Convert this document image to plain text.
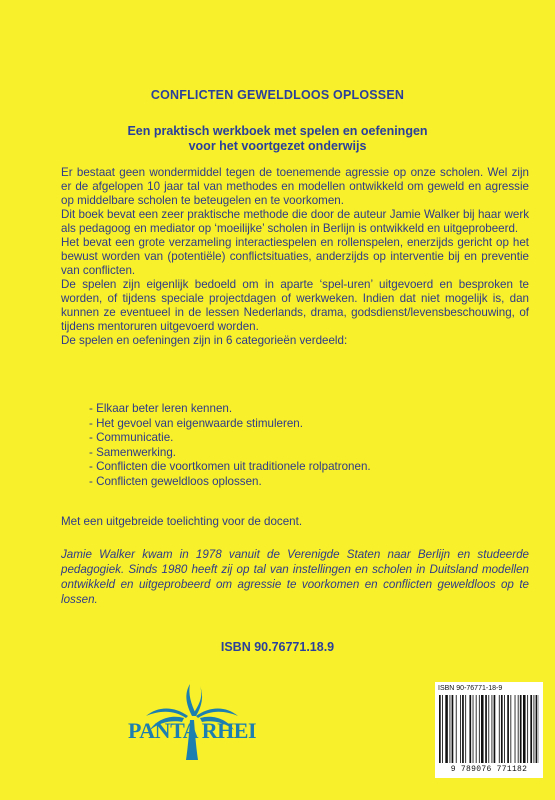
CONFLICTEN GEWELDLOOS OPLOSSEN
Een praktisch werkboek met spelen en oefeningen
voor het voortgezet onderwijs

Er bestaat geen wondermiddel tegen de toenemende agressie op onze scholen. Wel zijn er de afgelopen 10 jaar tal van methodes en modellen ontwikkeld om geweld en agressie op middelbare scholen te beteugelen en te voorkomen.

Dit boek bevat een zeer praktische methode die door de auteur Jamie Walker bij haar werk als pedagoog en mediator op ‘moeilijke’ scholen in Berlijn is ontwikkeld en uitgeprobeerd.

Het bevat een grote verzameling interactiespelen en rollenspelen, enerzijds gericht op het bewust worden van (potentiële) conflictsituaties, anderzijds op interventie bij en preventie van conflicten.

De spelen zijn eigenlijk bedoeld om in aparte ‘spel-uren’ uitgevoerd en besproken te worden, of tijdens speciale projectdagen of werkweken. Indien dat niet mogelijk is, dan kunnen ze eventueel in de lessen Nederlands, drama, godsdienst/levensbeschouwing, of tijdens mentoruren uitgevoerd worden.

De spelen en oefeningen zijn in 6 categorieën verdeeld:

- Elkaar beter leren kennen.
- Het gevoel van eigenwaarde stimuleren.
- Communicatie.
- Samenwerking.
- Conflicten die voortkomen uit traditionele rolpatronen.
- Conflicten geweldloos oplossen.
Met een uitgebreide toelichting voor de docent.
Jamie Walker kwam in 1978 vanuit de Verenigde Staten naar Berlijn en studeerde pedagogiek. Sinds 1980 heeft zij op tal van instellingen en scholen in Duitsland modellen ontwikkeld en uitgeprobeerd om agressie te voorkomen en conflicten geweldloos op te lossen.
ISBN 90.76771.18.9
PANTA RHEI
ISBN 90-76771-18-9
9 789076 771182
